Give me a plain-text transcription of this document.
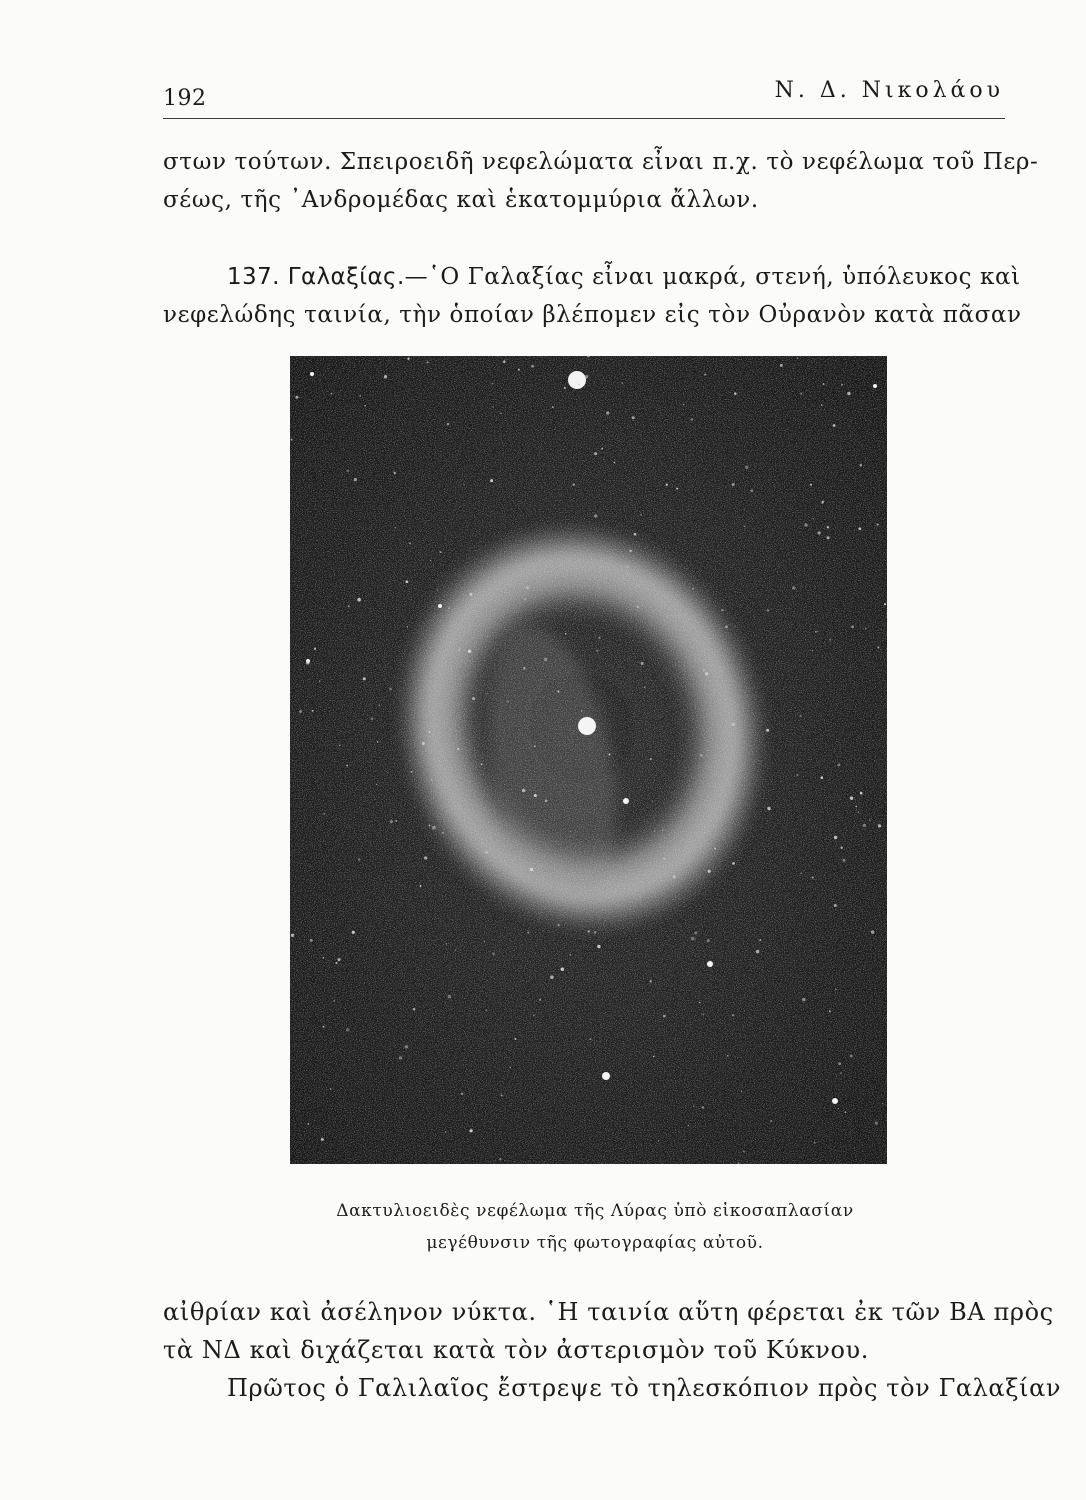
192	Ν. Δ. Νικολάου

στων τούτων. Σπειροειδῆ νεφελώματα εἶναι π.χ. τὸ νεφέλωμα τοῦ Περ-
σέως, τῆς ᾽Ανδρομέδας καὶ ἑκατομμύρια ἄλλων.

137. Γαλαξίας.—῾Ο Γαλαξίας εἶναι μακρά, στενή, ὑπόλευκος καὶ
νεφελώδης ταινία, τὴν ὁποίαν βλέπομεν εἰς τὸν Οὐρανὸν κατὰ πᾶσαν

Δακτυλιοειδὲς νεφέλωμα τῆς Λύρας ὑπὸ εἰκοσαπλασίαν
μεγέθυνσιν τῆς φωτογραφίας αὐτοῦ.

αἰθρίαν καὶ ἀσέληνον νύκτα. ῾Η ταινία αὕτη φέρεται ἐκ τῶν ΒΑ πρὸς
τὰ ΝΔ καὶ διχάζεται κατὰ τὸν ἀστερισμὸν τοῦ Κύκνου.
Πρῶτος ὁ Γαλιλαῖος ἔστρεψε τὸ τηλεσκόπιον πρὸς τὸν Γαλαξίαν
